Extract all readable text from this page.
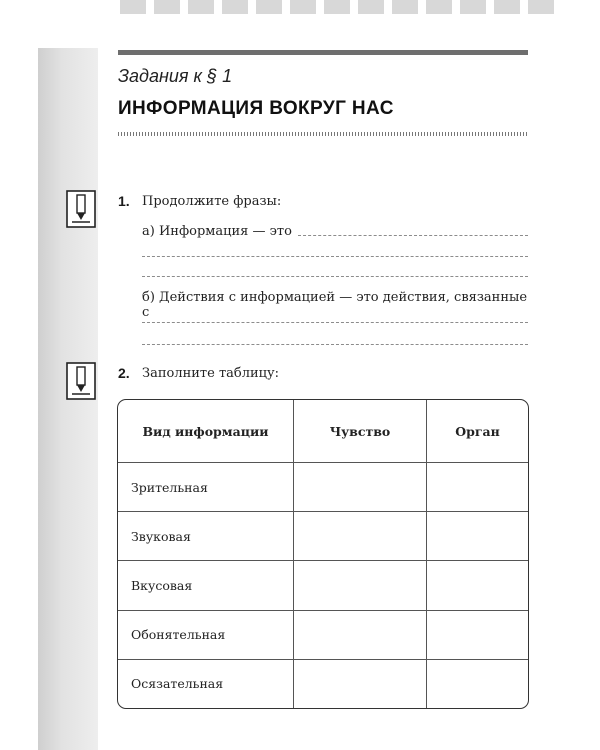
Задания к § 1
ИНФОРМАЦИЯ ВОКРУГ НАС
1. Продолжите фразы:
а) Информация — это
б) Действия с информацией — это действия, связанные с
2. Заполните таблицу:
Вид информации	Чувство	Орган
Зрительная		
Звуковая		
Вкусовая		
Обонятельная		
Осязательная		
